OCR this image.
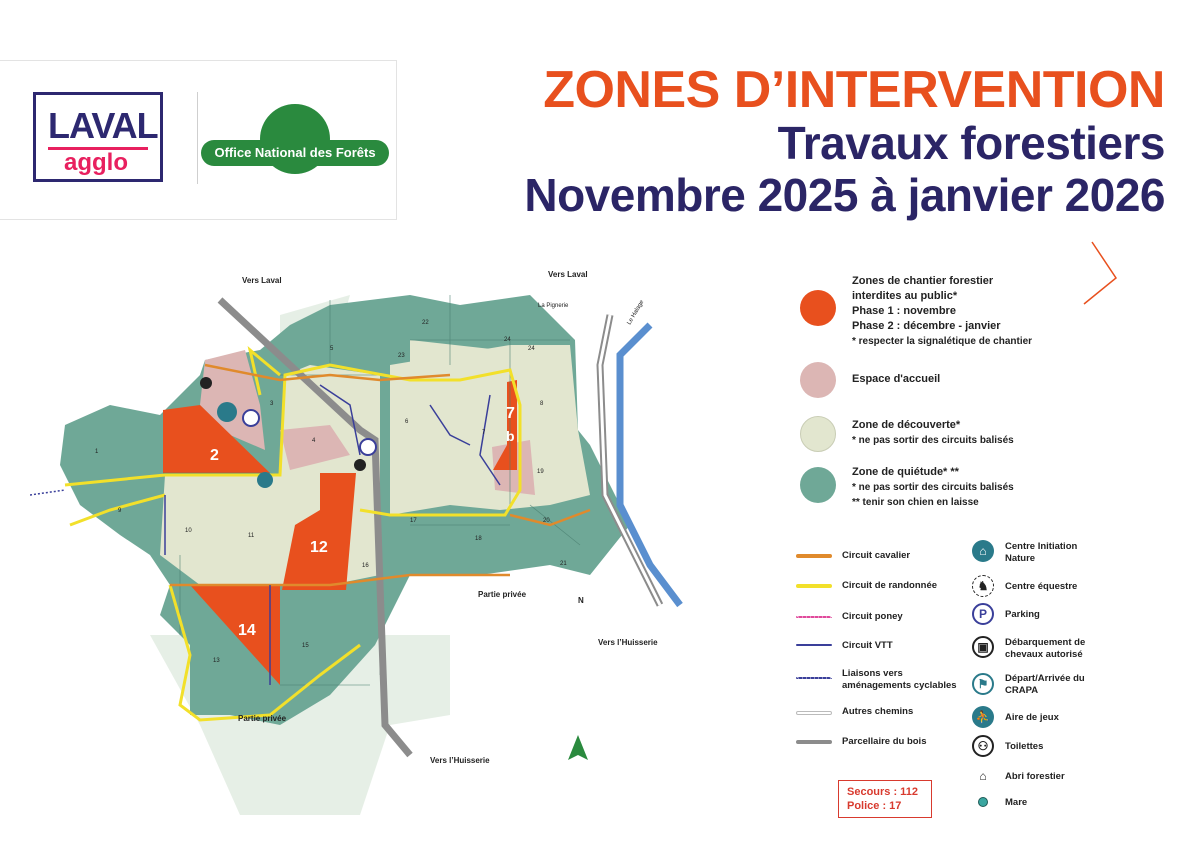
LAVAL
agglo	Office National des Forêts
ZONES D’INTERVENTION
Travaux forestiers
Novembre 2025 à janvier 2026
2
12
14
7
b
1
3
4
5
6
7
8
9
10
11
13
15
16
17
18
19
20
21
22
23
24
24
Vers Laval
Vers Laval
Vers l’Huisserie
Vers l’Huisserie
Partie privée
Partie privée
N
La Pignerie	Le Halage
Zones de chantier forestier
interdites au public*
Phase 1 : novembre
Phase 2 : décembre - janvier
* respecter la signalétique de chantier
Espace d'accueil
Zone de découverte*
* ne pas sortir des circuits balisés
Zone de quiétude* **
* ne pas sortir des circuits balisés
** tenir son chien en laisse
Circuit cavalier
Circuit de randonnée
Circuit poney
Circuit VTT
Liaisons vers aménagements cyclables
Autres chemins
Parcellaire du bois
Secours : 112
Police : 17
⌂	Centre Initiation Nature
♞	Centre équestre
P	Parking
▣	Débarquement de chevaux autorisé
⚑	Départ/Arrivée du CRAPA
⛹	Aire de jeux
⚇	Toilettes
⌂	Abri forestier
Mare
